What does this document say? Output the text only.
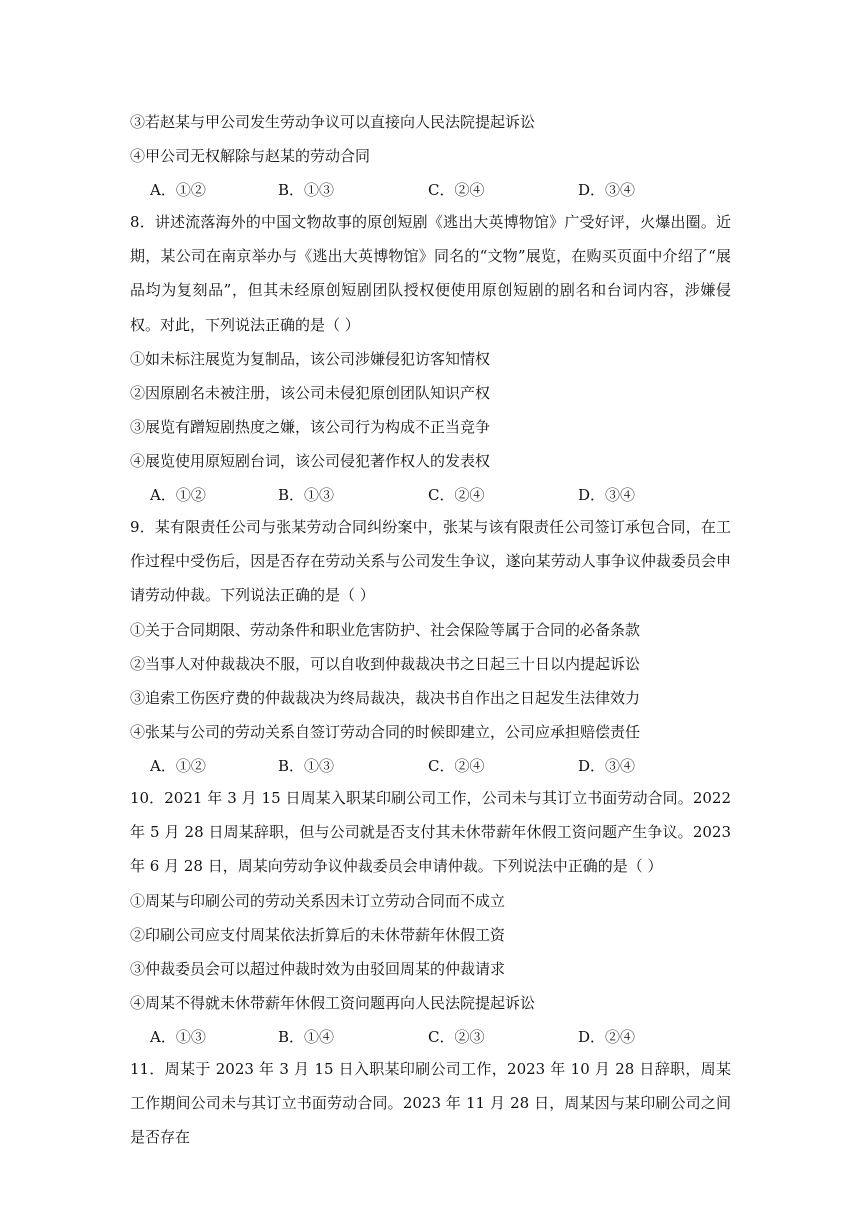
③若赵某与甲公司发生劳动争议可以直接向人民法院提起诉讼
④甲公司无权解除与赵某的劳动合同
A．①②	B．①③	C．②④	D．③④
8．讲述流落海外的中国文物故事的原创短剧《逃出大英博物馆》广受好评，火爆出圈。近期，某公司在南京举办与《逃出大英博物馆》同名的“文物”展览，在购买页面中介绍了“展品均为复刻品”，但其未经原创短剧团队授权便使用原创短剧的剧名和台词内容，涉嫌侵权。对此，下列说法正确的是（ ）
①如未标注展览为复制品，该公司涉嫌侵犯访客知情权
②因原剧名未被注册，该公司未侵犯原创团队知识产权
③展览有蹭短剧热度之嫌，该公司行为构成不正当竞争
④展览使用原短剧台词，该公司侵犯著作权人的发表权
A．①②	B．①③	C．②④	D．③④
9．某有限责任公司与张某劳动合同纠纷案中，张某与该有限责任公司签订承包合同，在工作过程中受伤后，因是否存在劳动关系与公司发生争议，遂向某劳动人事争议仲裁委员会申请劳动仲裁。下列说法正确的是（ ）
①关于合同期限、劳动条件和职业危害防护、社会保险等属于合同的必备条款
②当事人对仲裁裁决不服，可以自收到仲裁裁决书之日起三十日以内提起诉讼
③追索工伤医疗费的仲裁裁决为终局裁决，裁决书自作出之日起发生法律效力
④张某与公司的劳动关系自签订劳动合同的时候即建立，公司应承担赔偿责任
A．①②	B．①③	C．②④	D．③④
10．2021 年 3 月 15 日周某入职某印刷公司工作，公司未与其订立书面劳动合同。2022 年 5 月 28 日周某辞职，但与公司就是否支付其未休带薪年休假工资问题产生争议。2023 年 6 月 28 日，周某向劳动争议仲裁委员会申请仲裁。下列说法中正确的是（ ）
①周某与印刷公司的劳动关系因未订立劳动合同而不成立
②印刷公司应支付周某依法折算后的未休带薪年休假工资
③仲裁委员会可以超过仲裁时效为由驳回周某的仲裁请求
④周某不得就未休带薪年休假工资问题再向人民法院提起诉讼
A．①③	B．①④	C．②③	D．②④
11．周某于 2023 年 3 月 15 日入职某印刷公司工作，2023 年 10 月 28 日辞职，周某工作期间公司未与其订立书面劳动合同。2023 年 11 月 28 日，周某因与某印刷公司之间是否存在
